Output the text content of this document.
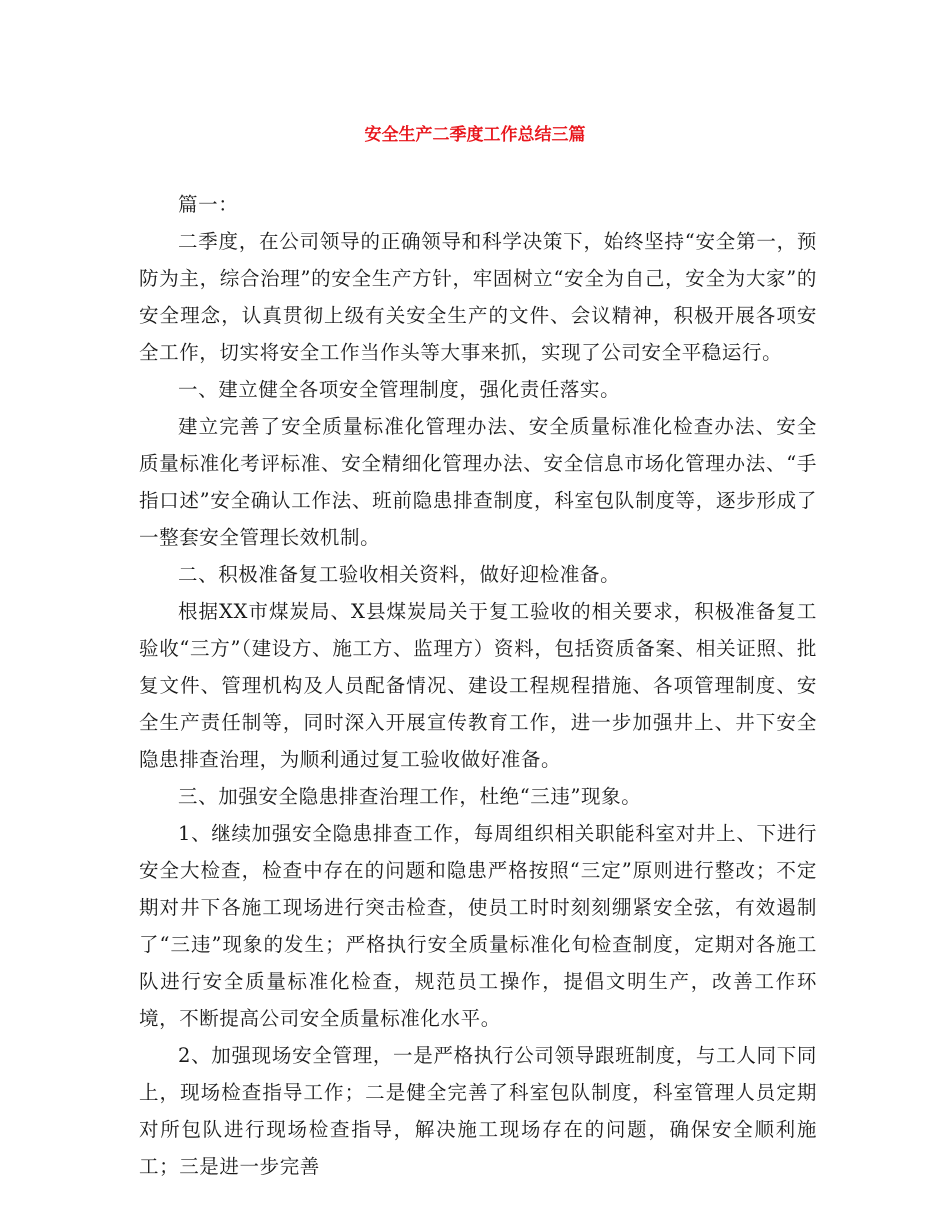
安全生产二季度工作总结三篇

篇一：

二季度，在公司领导的正确领导和科学决策下，始终坚持“安全第一，预防为主，综合治理”的安全生产方针，牢固树立“安全为自己，安全为大家”的安全理念，认真贯彻上级有关安全生产的文件、会议精神，积极开展各项安全工作，切实将安全工作当作头等大事来抓，实现了公司安全平稳运行。

一、建立健全各项安全管理制度，强化责任落实。

建立完善了安全质量标准化管理办法、安全质量标准化检查办法、安全质量标准化考评标准、安全精细化管理办法、安全信息市场化管理办法、“手指口述”安全确认工作法、班前隐患排查制度，科室包队制度等，逐步形成了一整套安全管理长效机制。

二、积极准备复工验收相关资料，做好迎检准备。

根据XX市煤炭局、X县煤炭局关于复工验收的相关要求，积极准备复工验收“三方”（建设方、施工方、监理方）资料，包括资质备案、相关证照、批复文件、管理机构及人员配备情况、建设工程规程措施、各项管理制度、安全生产责任制等，同时深入开展宣传教育工作，进一步加强井上、井下安全隐患排查治理，为顺利通过复工验收做好准备。

三、加强安全隐患排查治理工作，杜绝“三违”现象。

1、继续加强安全隐患排查工作，每周组织相关职能科室对井上、下进行安全大检查，检查中存在的问题和隐患严格按照“三定”原则进行整改；不定期对井下各施工现场进行突击检查，使员工时时刻刻绷紧安全弦，有效遏制了“三违”现象的发生；严格执行安全质量标准化旬检查制度，定期对各施工队进行安全质量标准化检查，规范员工操作，提倡文明生产，改善工作环境，不断提高公司安全质量标准化水平。

2、加强现场安全管理，一是严格执行公司领导跟班制度，与工人同下同上，现场检查指导工作；二是健全完善了科室包队制度，科室管理人员定期对所包队进行现场检查指导，解决施工现场存在的问题，确保安全顺利施工；三是进一步完善
